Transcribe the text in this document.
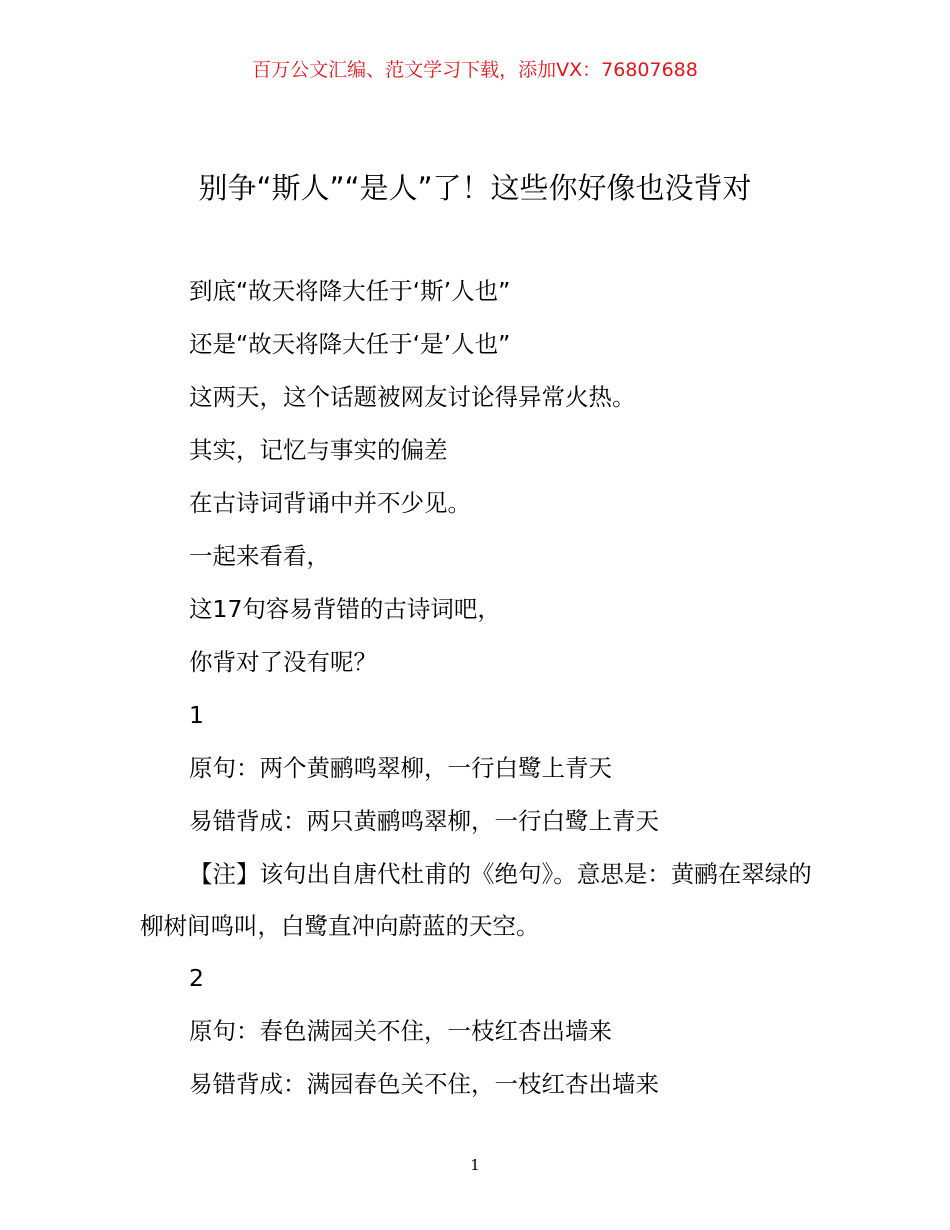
百万公文汇编、范文学习下载，添加VX：76807688
别争“斯人”“是人”了！这些你好像也没背对

到底“故天将降大任于‘斯’人也”

还是“故天将降大任于‘是’人也”

这两天，这个话题被网友讨论得异常火热。

其实，记忆与事实的偏差

在古诗词背诵中并不少见。

一起来看看，

这17句容易背错的古诗词吧，

你背对了没有呢？

1

原句：两个黄鹂鸣翠柳，一行白鹭上青天

易错背成：两只黄鹂鸣翠柳，一行白鹭上青天

【注】该句出自唐代杜甫的《绝句》。意思是：黄鹂在翠绿的柳树间鸣叫，白鹭直冲向蔚蓝的天空。

2

原句：春色满园关不住，一枝红杏出墙来

易错背成：满园春色关不住，一枝红杏出墙来

1
